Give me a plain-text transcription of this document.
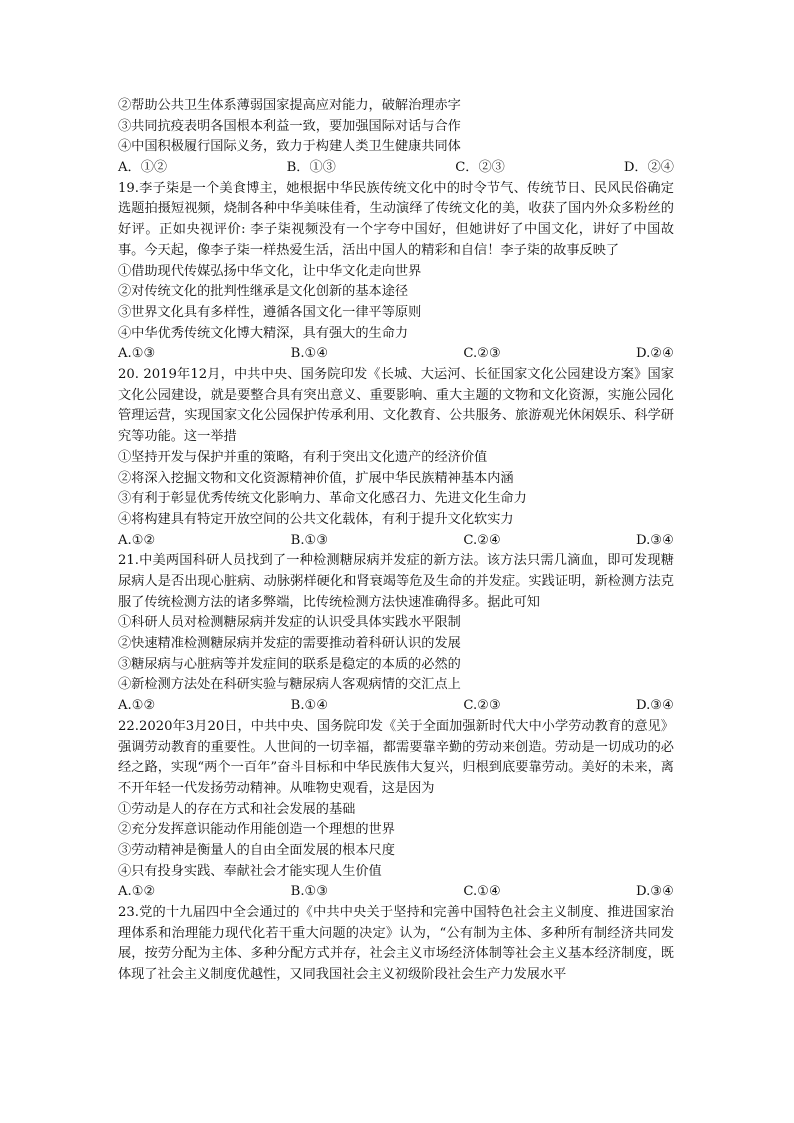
②帮助公共卫生体系薄弱国家提高应对能力，破解治理赤字
③共同抗疫表明各国根本利益一致，要加强国际对话与合作
④中国积极履行国际义务，致力于构建人类卫生健康共同体
A．①②	B．①③	C．②③	D．②④
19.李子柒是一个美食博主，她根据中华民族传统文化中的时令节气、传统节日、民风民俗确定选题拍摄短视频，烧制各种中华美味佳肴，生动演绎了传统文化的美，收获了国内外众多粉丝的好评。正如央视评价: 李子柒视频没有一个字夸中国好，但她讲好了中国文化，讲好了中国故事。今天起，像李子柒一样热爱生活，活出中国人的精彩和自信！李子柒的故事反映了
①借助现代传媒弘扬中华文化，让中华文化走向世界
②对传统文化的批判性继承是文化创新的基本途径
③世界文化具有多样性，遵循各国文化一律平等原则
④中华优秀传统文化博大精深，具有强大的生命力
A.①③	B.①④	C.②③	D.②④
20. 2019年12月，中共中央、国务院印发《长城、大运河、长征国家文化公园建设方案》国家文化公园建设，就是要整合具有突出意义、重要影响、重大主题的文物和文化资源，实施公园化管理运营，实现国家文化公园保护传承利用、文化教育、公共服务、旅游观光休闲娱乐、科学研究等功能。这一举措
①坚持开发与保护并重的策略，有利于突出文化遗产的经济价值
②将深入挖掘文物和文化资源精神价值，扩展中华民族精神基本内涵
③有利于彰显优秀传统文化影响力、革命文化感召力、先进文化生命力
④将构建具有特定开放空间的公共文化载体，有利于提升文化软实力
A.①②	B.①③	C.②④	D.③④
21.中美两国科研人员找到了一种检测糖尿病并发症的新方法。该方法只需几滴血，即可发现糖尿病人是否出现心脏病、动脉粥样硬化和肾衰竭等危及生命的并发症。实践证明，新检测方法克服了传统检测方法的诸多弊端，比传统检测方法快速准确得多。据此可知
①科研人员对检测糖尿病并发症的认识受具体实践水平限制
②快速精准检测糖尿病并发症的需要推动着科研认识的发展
③糖尿病与心脏病等并发症间的联系是稳定的本质的必然的
④新检测方法处在科研实验与糖尿病人客观病情的交汇点上
A.①②	B.①④	C.②③	D.③④
22.2020年3月20日，中共中央、国务院印发《关于全面加强新时代大中小学劳动教育的意见》强调劳动教育的重要性。人世间的一切幸福，都需要靠辛勤的劳动来创造。劳动是一切成功的必经之路，实现“两个一百年”奋斗目标和中华民族伟大复兴，归根到底要靠劳动。美好的未来，离不开年轻一代发扬劳动精神。从唯物史观看，这是因为
①劳动是人的存在方式和社会发展的基础
②充分发挥意识能动作用能创造一个理想的世界
③劳动精神是衡量人的自由全面发展的根本尺度
④只有投身实践、奉献社会才能实现人生价值
A.①②	B.①③	C.①④	D.③④
23.党的十九届四中全会通过的《中共中央关于坚持和完善中国特色社会主义制度、推进国家治理体系和治理能力现代化若干重大问题的决定》认为，“公有制为主体、多种所有制经济共同发展，按劳分配为主体、多种分配方式并存，社会主义市场经济体制等社会主义基本经济制度，既体现了社会主义制度优越性，又同我国社会主义初级阶段社会生产力发展水平
